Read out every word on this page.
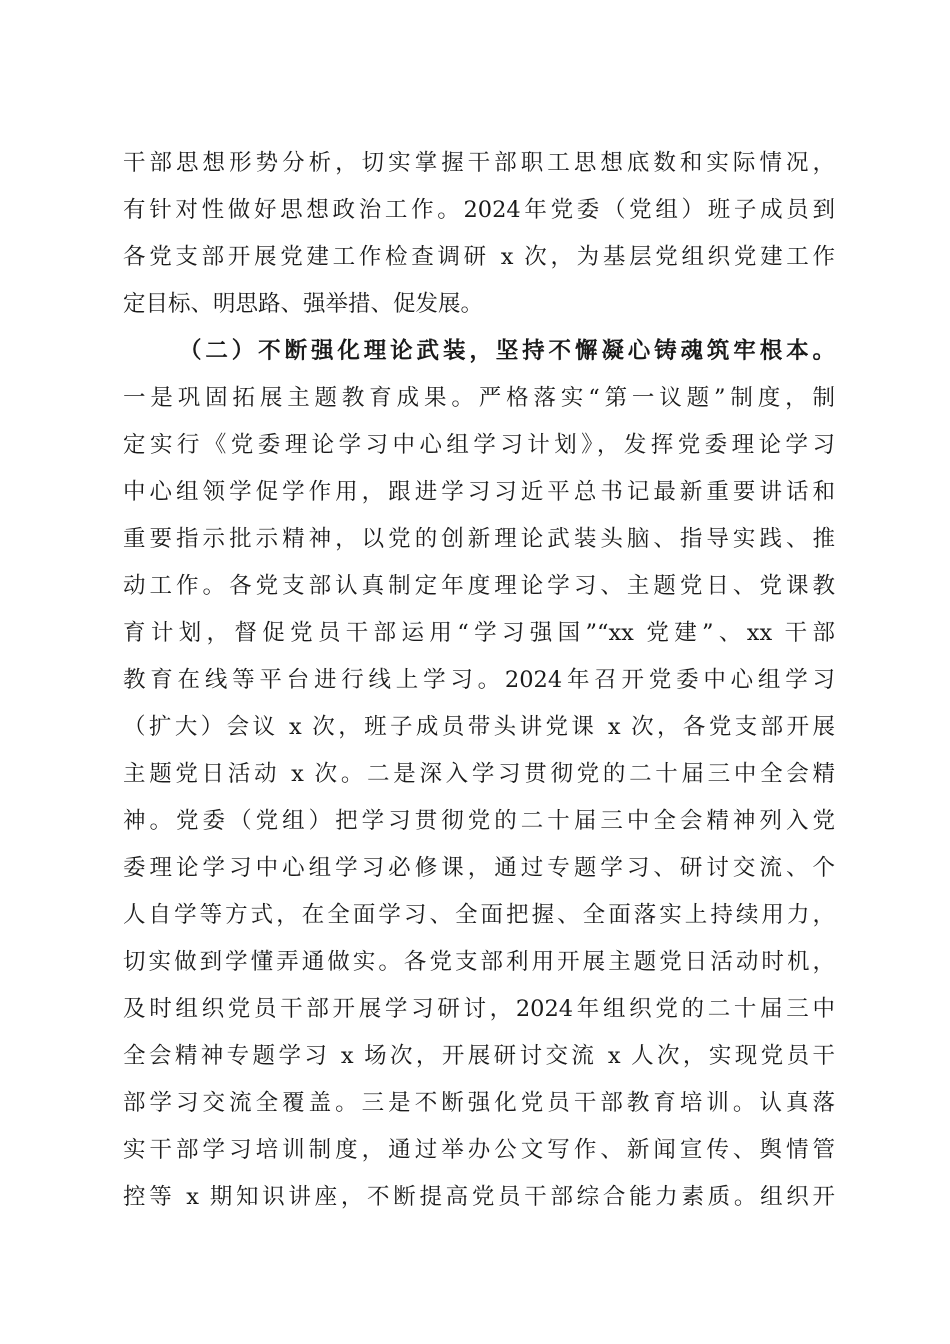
干部思想形势分析，切实掌握干部职工思想底数和实际情况，
有针对性做好思想政治工作。2024年党委（党组）班子成员到
各党支部开展党建工作检查调研 x 次，为基层党组织党建工作
定目标、明思路、强举措、促发展。
（二）不断强化理论武装，坚持不懈凝心铸魂筑牢根本。
一是巩固拓展主题教育成果。严格落实“第一议题”制度，制
定实行《党委理论学习中心组学习计划》，发挥党委理论学习
中心组领学促学作用，跟进学习习近平总书记最新重要讲话和
重要指示批示精神，以党的创新理论武装头脑、指导实践、推
动工作。各党支部认真制定年度理论学习、主题党日、党课教
育计划，督促党员干部运用“学习强国”“xx 党建”、xx 干部
教育在线等平台进行线上学习。2024年召开党委中心组学习
（扩大）会议 x 次，班子成员带头讲党课 x 次，各党支部开展
主题党日活动 x 次。二是深入学习贯彻党的二十届三中全会精
神。党委（党组）把学习贯彻党的二十届三中全会精神列入党
委理论学习中心组学习必修课，通过专题学习、研讨交流、个
人自学等方式，在全面学习、全面把握、全面落实上持续用力，
切实做到学懂弄通做实。各党支部利用开展主题党日活动时机，
及时组织党员干部开展学习研讨，2024年组织党的二十届三中
全会精神专题学习 x 场次，开展研讨交流 x 人次，实现党员干
部学习交流全覆盖。三是不断强化党员干部教育培训。认真落
实干部学习培训制度，通过举办公文写作、新闻宣传、舆情管
控等 x 期知识讲座，不断提高党员干部综合能力素质。组织开
